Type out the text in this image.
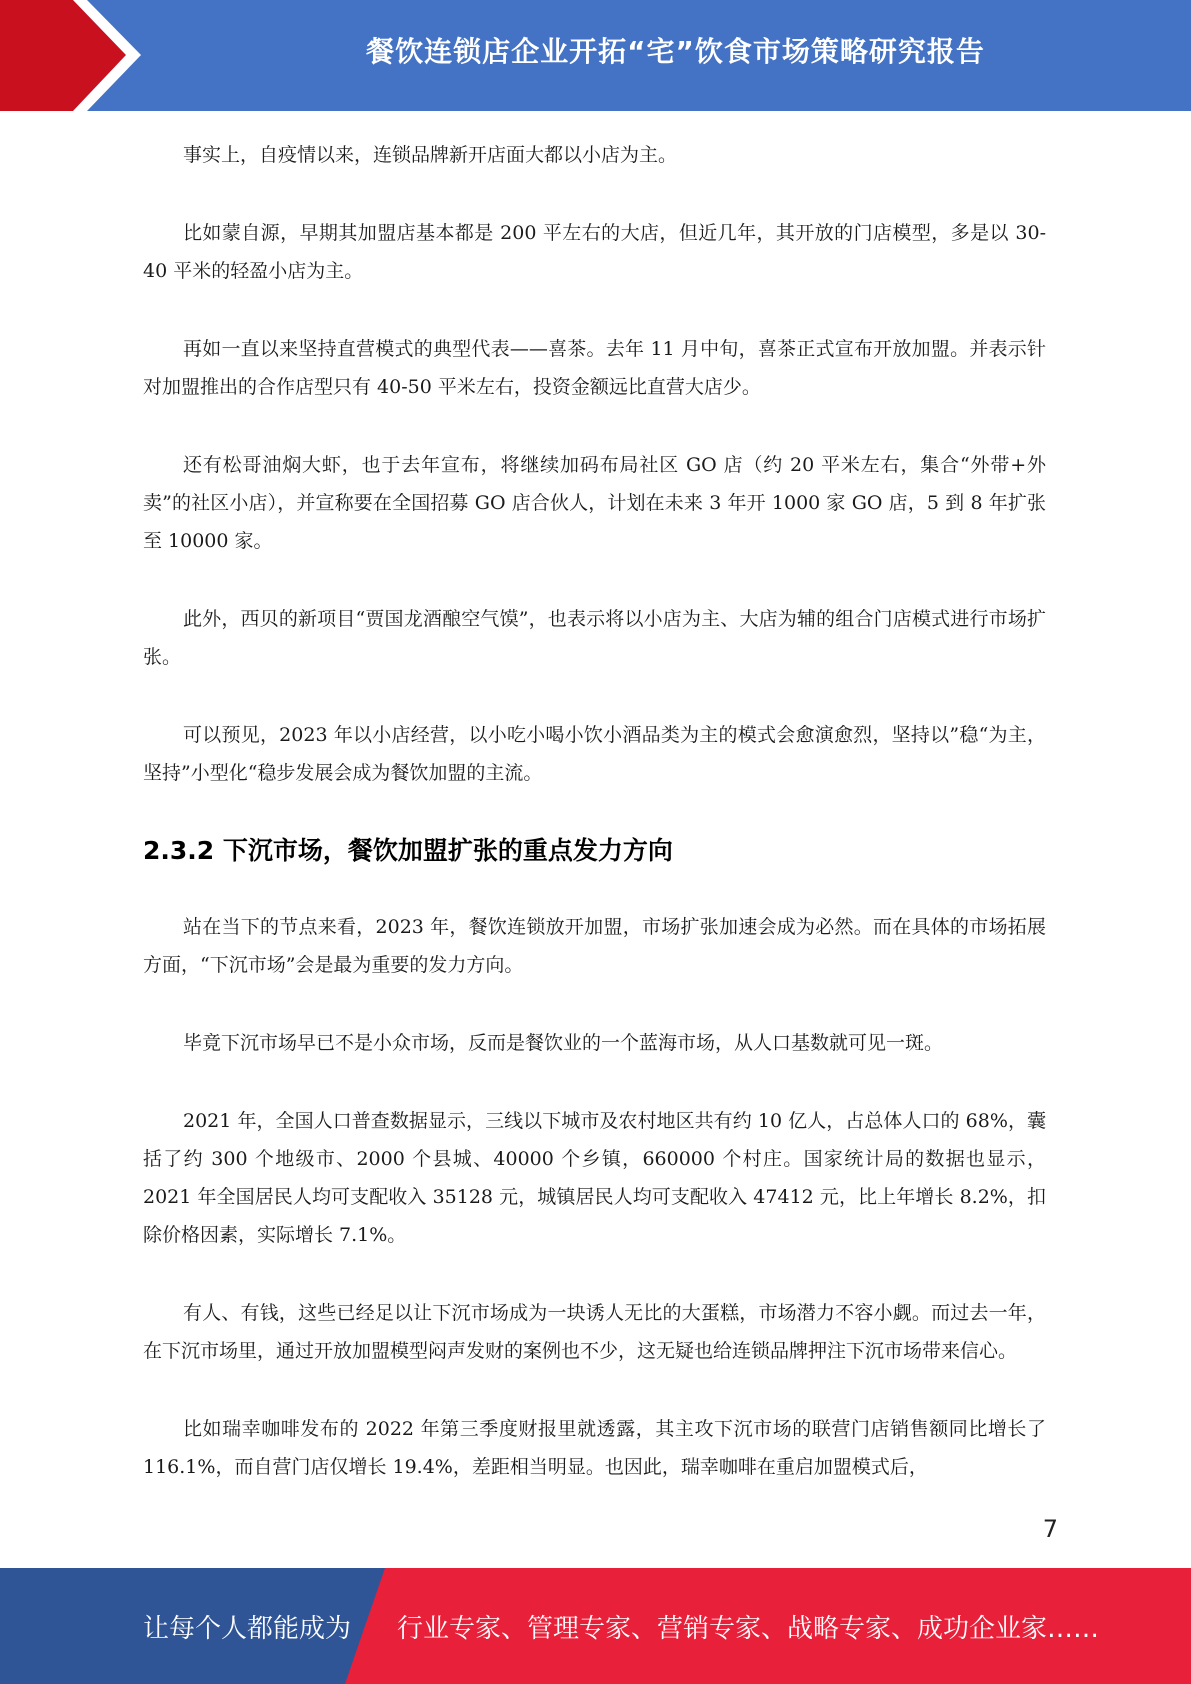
餐饮连锁店企业开拓“宅”饮食市场策略研究报告

事实上，自疫情以来，连锁品牌新开店面大都以小店为主。

比如蒙自源，早期其加盟店基本都是 200 平左右的大店，但近几年，其开放的门店模型，多是以 30-40 平米的轻盈小店为主。

再如一直以来坚持直营模式的典型代表——喜茶。去年 11 月中旬，喜茶正式宣布开放加盟。并表示针对加盟推出的合作店型只有 40-50 平米左右，投资金额远比直营大店少。

还有松哥油焖大虾，也于去年宣布，将继续加码布局社区 GO 店（约 20 平米左右，集合“外带+外卖”的社区小店），并宣称要在全国招募 GO 店合伙人，计划在未来 3 年开 1000 家 GO 店，5 到 8 年扩张至 10000 家。

此外，西贝的新项目“贾国龙酒酿空气馍”，也表示将以小店为主、大店为辅的组合门店模式进行市场扩张。

可以预见，2023 年以小店经营，以小吃小喝小饮小酒品类为主的模式会愈演愈烈，坚持以”稳“为主，坚持”小型化“稳步发展会成为餐饮加盟的主流。

2.3.2 下沉市场，餐饮加盟扩张的重点发力方向

站在当下的节点来看，2023 年，餐饮连锁放开加盟，市场扩张加速会成为必然。而在具体的市场拓展方面，“下沉市场”会是最为重要的发力方向。

毕竟下沉市场早已不是小众市场，反而是餐饮业的一个蓝海市场，从人口基数就可见一斑。

2021 年，全国人口普查数据显示，三线以下城市及农村地区共有约 10 亿人，占总体人口的 68%，囊括了约 300 个地级市、2000 个县城、40000 个乡镇，660000 个村庄。国家统计局的数据也显示，2021 年全国居民人均可支配收入 35128 元，城镇居民人均可支配收入 47412 元，比上年增长 8.2%，扣除价格因素，实际增长 7.1%。

有人、有钱，这些已经足以让下沉市场成为一块诱人无比的大蛋糕，市场潜力不容小觑。而过去一年，在下沉市场里，通过开放加盟模型闷声发财的案例也不少，这无疑也给连锁品牌押注下沉市场带来信心。

比如瑞幸咖啡发布的 2022 年第三季度财报里就透露，其主攻下沉市场的联营门店销售额同比增长了 116.1%，而自营门店仅增长 19.4%，差距相当明显。也因此，瑞幸咖啡在重启加盟模式后，

7
让每个人都能成为 行业专家、管理专家、营销专家、战略专家、成功企业家……
